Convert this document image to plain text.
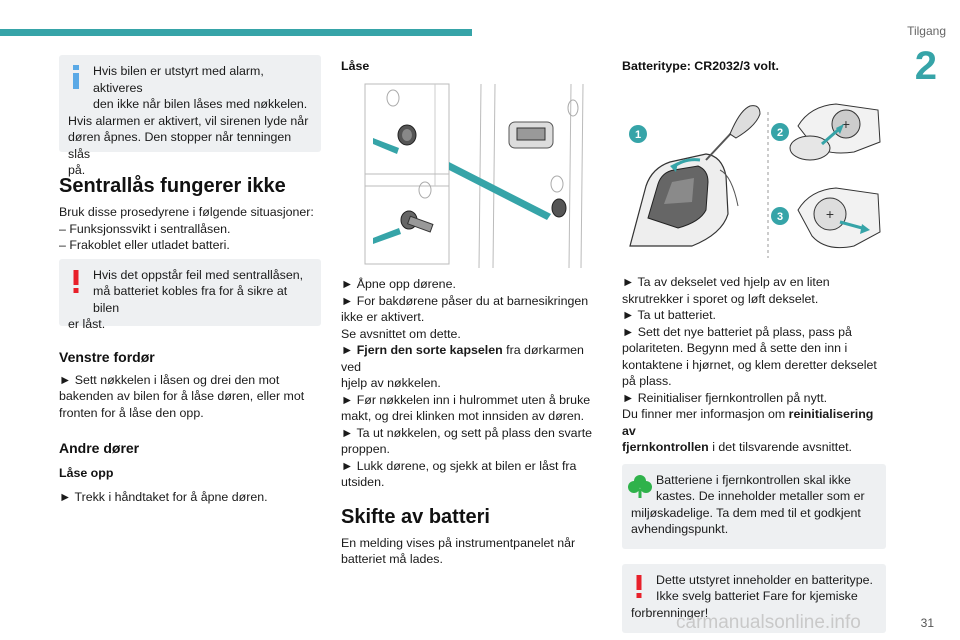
Tilgang
2

Hvis bilen er utstyrt med alarm, aktiveres

den ikke når bilen låses med nøkkelen.

Hvis alarmen er aktivert, vil sirenen lyde når

døren åpnes. Den stopper når tenningen slås

på.

Sentrallås fungerer ikke

Bruk disse prosedyrene i følgende situasjoner:

– Funksjonssvikt i sentrallåsen.

– Frakoblet eller utladet batteri.

Hvis det oppstår feil med sentrallåsen,

må batteriet kobles fra for å sikre at bilen

er låst.

Venstre fordør

► Sett nøkkelen i låsen og drei den mot

bakenden av bilen for å låse døren, eller mot

fronten for å låse den opp.

Andre dører
Låse opp

► Trekk i håndtaket for å åpne døren.

Låse

► Åpne opp dørene.

► For bakdørene påser du at barnesikringen

ikke er aktivert.

Se avsnittet om dette.

► Fjern den sorte kapselen fra dørkarmen ved

hjelp av nøkkelen.

► Før nøkkelen inn i hulrommet uten å bruke

makt, og drei klinken mot innsiden av døren.

► Ta ut nøkkelen, og sett på plass den svarte

proppen.

► Lukk dørene, og sjekk at bilen er låst fra

utsiden.

Skifte av batteri

En melding vises på instrumentpanelet når

batteriet må lades.

Batteritype: CR2032/3 volt.
1	2
3
+
+

► Ta av dekselet ved hjelp av en liten

skrutrekker i sporet og løft dekselet.

► Ta ut batteriet.

► Sett det nye batteriet på plass, pass på

polariteten. Begynn med å sette den inn i

kontaktene i hjørnet, og klem deretter dekselet

på plass.

► Reinitialiser fjernkontrollen på nytt.

Du finner mer informasjon om reinitialisering av

fjernkontrollen i det tilsvarende avsnittet.

Batteriene i fjernkontrollen skal ikke

kastes. De inneholder metaller som er

miljøskadelige. Ta dem med til et godkjent

avhendingspunkt.

Dette utstyret inneholder en batteritype.

Ikke svelg batteriet Fare for kjemiske

forbrenninger!

carmanualsonline.info	31
